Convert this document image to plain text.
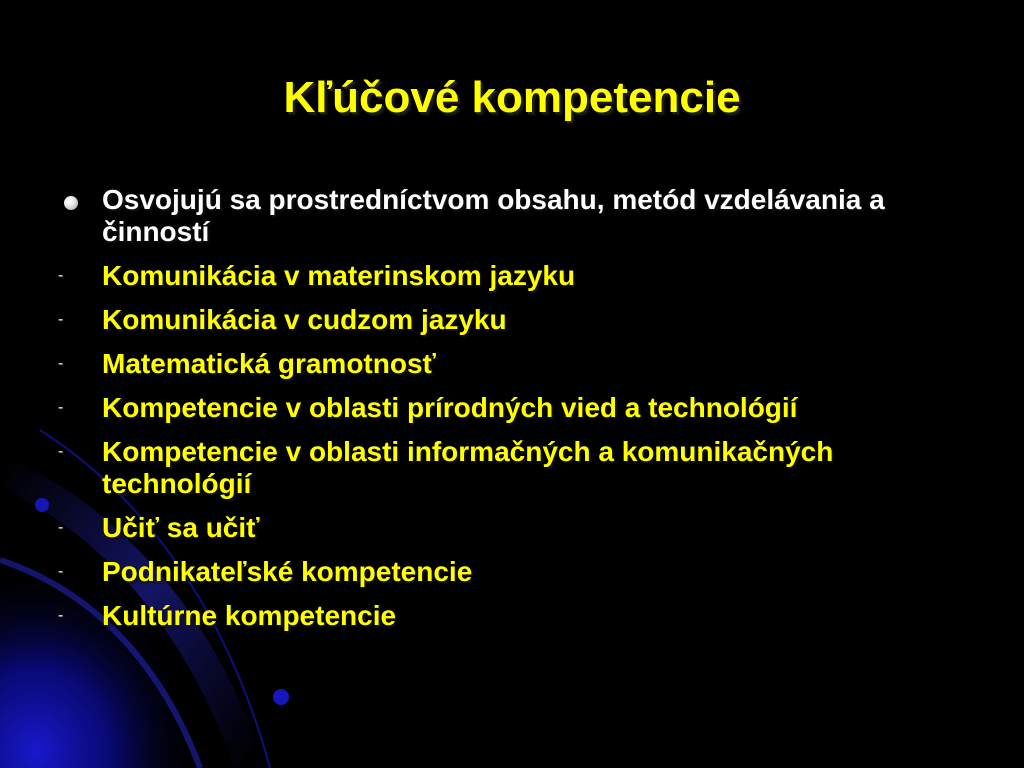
Kľúčové kompetencie
Osvojujú sa prostredníctvom obsahu, metód vzdelávania a činností
-	Komunikácia v materinskom jazyku
-	Komunikácia v cudzom jazyku
-	Matematická gramotnosť
-	Kompetencie v oblasti prírodných vied a technológií
-	Kompetencie v oblasti informačných a komunikačných technológií
-	Učiť sa učiť
-	Podnikateľské kompetencie
-	Kultúrne kompetencie
